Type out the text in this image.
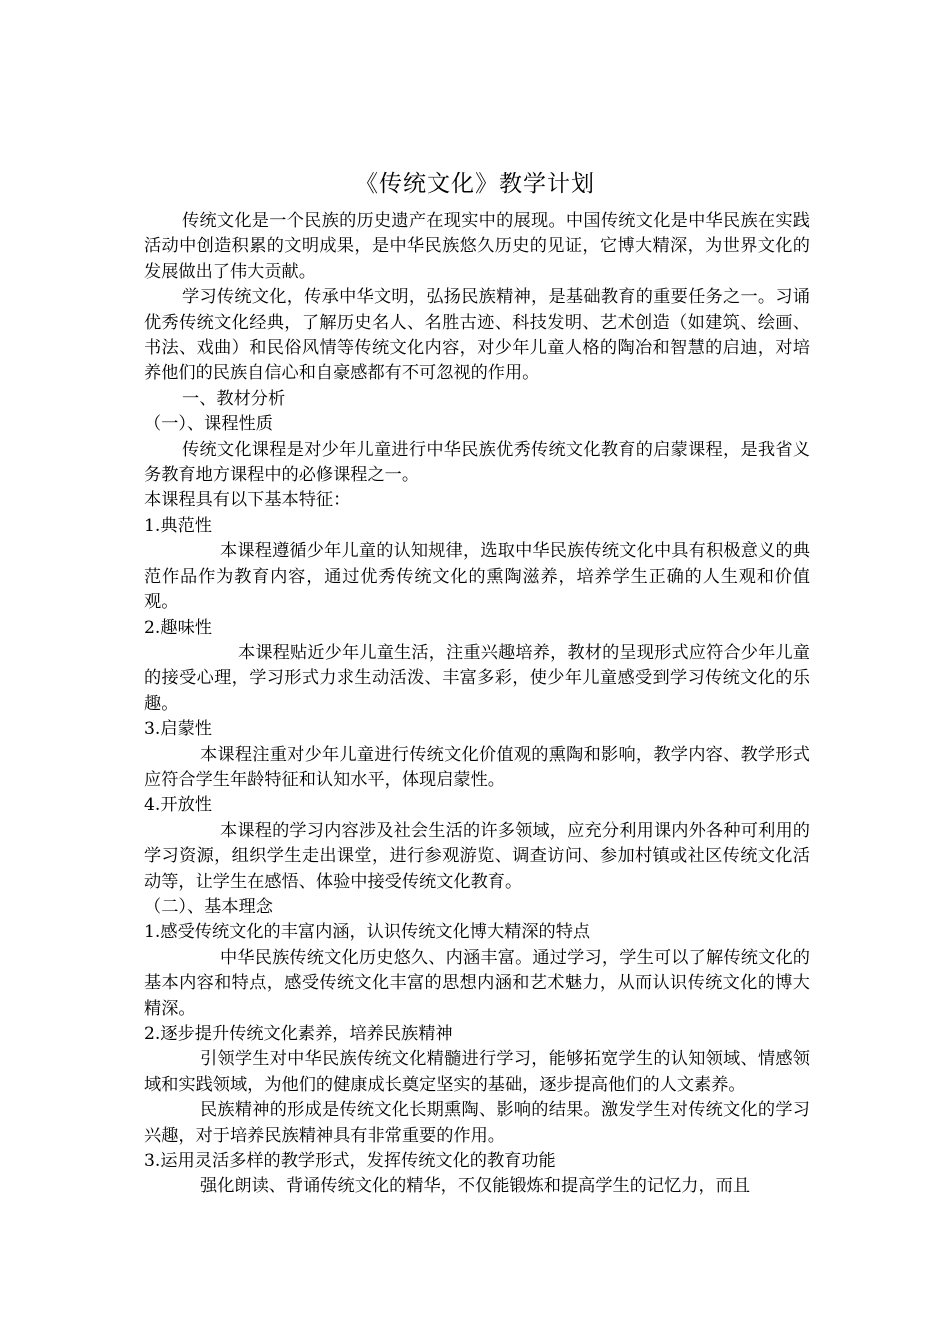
《传统文化》教学计划

传统文化是一个民族的历史遗产在现实中的展现。中国传统文化是中华民族在实践活动中创造积累的文明成果，是中华民族悠久历史的见证，它博大精深，为世界文化的发展做出了伟大贡献。

学习传统文化，传承中华文明，弘扬民族精神，是基础教育的重要任务之一。习诵优秀传统文化经典，了解历史名人、名胜古迹、科技发明、艺术创造（如建筑、绘画、书法、戏曲）和民俗风情等传统文化内容，对少年儿童人格的陶冶和智慧的启迪，对培养他们的民族自信心和自豪感都有不可忽视的作用。

一、教材分析

（一）、课程性质

传统文化课程是对少年儿童进行中华民族优秀传统文化教育的启蒙课程，是我省义务教育地方课程中的必修课程之一。

本课程具有以下基本特征：

1.典范性

本课程遵循少年儿童的认知规律，选取中华民族传统文化中具有积极意义的典范作品作为教育内容，通过优秀传统文化的熏陶滋养，培养学生正确的人生观和价值观。

2.趣味性

本课程贴近少年儿童生活，注重兴趣培养，教材的呈现形式应符合少年儿童的接受心理，学习形式力求生动活泼、丰富多彩，使少年儿童感受到学习传统文化的乐趣。

3.启蒙性

本课程注重对少年儿童进行传统文化价值观的熏陶和影响，教学内容、教学形式应符合学生年龄特征和认知水平，体现启蒙性。

4.开放性

本课程的学习内容涉及社会生活的许多领域，应充分利用课内外各种可利用的学习资源，组织学生走出课堂，进行参观游览、调查访问、参加村镇或社区传统文化活动等，让学生在感悟、体验中接受传统文化教育。

（二）、基本理念

1.感受传统文化的丰富内涵，认识传统文化博大精深的特点

中华民族传统文化历史悠久、内涵丰富。通过学习，学生可以了解传统文化的基本内容和特点，感受传统文化丰富的思想内涵和艺术魅力，从而认识传统文化的博大精深。

2.逐步提升传统文化素养，培养民族精神

引领学生对中华民族传统文化精髓进行学习，能够拓宽学生的认知领域、情感领域和实践领域，为他们的健康成长奠定坚实的基础，逐步提高他们的人文素养。

民族精神的形成是传统文化长期熏陶、影响的结果。激发学生对传统文化的学习兴趣，对于培养民族精神具有非常重要的作用。

3.运用灵活多样的教学形式，发挥传统文化的教育功能

强化朗读、背诵传统文化的精华，不仅能锻炼和提高学生的记忆力，而且
